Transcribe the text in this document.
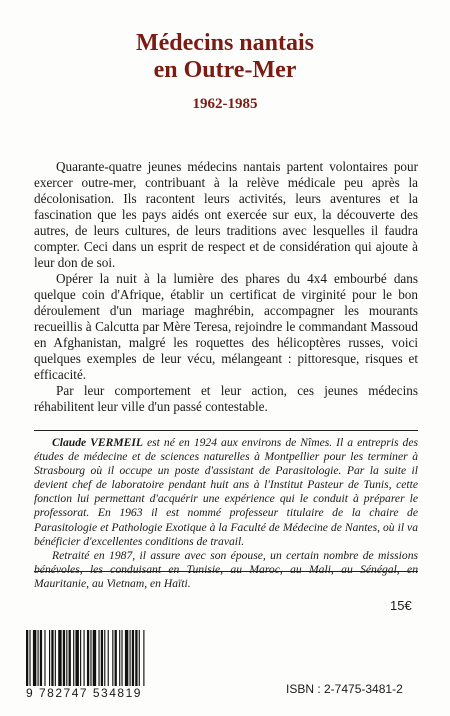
Médecins nantais
en Outre-Mer
1962-1985

Quarante-quatre jeunes médecins nantais partent volontaires pour exercer outre-mer, contribuant à la relève médicale peu après la décolonisation. Ils racontent leurs activités, leurs aventures et la fascination que les pays aidés ont exercée sur eux, la découverte des autres, de leurs cultures, de leurs traditions avec lesquelles il faudra compter. Ceci dans un esprit de respect et de considération qui ajoute à leur don de soi.

Opérer la nuit à la lumière des phares du 4x4 embourbé dans quelque coin d'Afrique, établir un certificat de virginité pour le bon déroulement d'un mariage maghrébin, accompagner les mourants recueillis à Calcutta par Mère Teresa, rejoindre le commandant Massoud en Afghanistan, malgré les roquettes des hélicoptères russes, voici quelques exemples de leur vécu, mélangeant : pittoresque, risques et efficacité.

Par leur comportement et leur action, ces jeunes médecins réhabilitent leur ville d'un passé contestable.

Claude VERMEIL est né en 1924 aux environs de Nîmes. Il a entrepris des études de médecine et de sciences naturelles à Montpellier pour les terminer à Strasbourg où il occupe un poste d'assistant de Parasitologie. Par la suite il devient chef de laboratoire pendant huit ans à l'Institut Pasteur de Tunis, cette fonction lui permettant d'acquérir une expérience qui le conduit à préparer le professorat. En 1963 il est nommé professeur titulaire de la chaire de Parasitologie et Pathologie Exotique à la Faculté de Médecine de Nantes, où il va bénéficier d'excellentes conditions de travail.

Retraité en 1987, il assure avec son épouse, un certain nombre de missions bénévoles, les conduisant en Tunisie, au Maroc, au Mali, au Sénégal, en Mauritanie, au Vietnam, en Haïti.

15€
9 782747 534819	ISBN : 2-7475-3481-2
